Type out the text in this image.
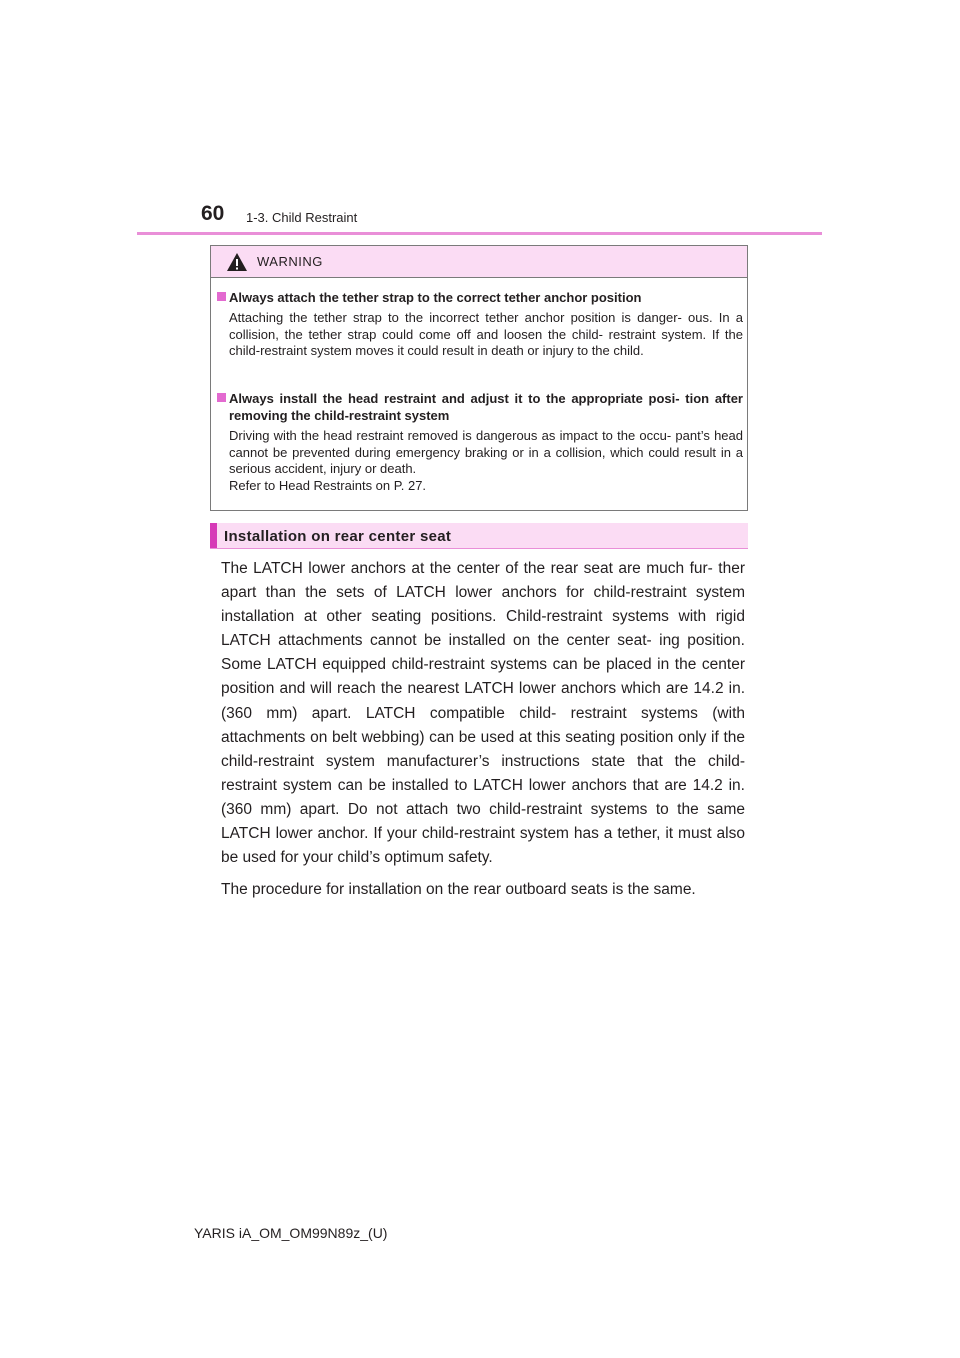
60 1-3. Child Restraint
WARNING
Always attach the tether strap to the correct tether anchor position

Attaching the tether strap to the incorrect tether anchor position is danger- ous. In a collision, the tether strap could come off and loosen the child- restraint system. If the child-restraint system moves it could result in death or injury to the child.

Always install the head restraint and adjust it to the appropriate posi- tion after removing the child-restraint system

Driving with the head restraint removed is dangerous as impact to the occu- pant’s head cannot be prevented during emergency braking or in a collision, which could result in a serious accident, injury or death.

Refer to Head Restraints on P. 27.

Installation on rear center seat

The LATCH lower anchors at the center of the rear seat are much fur- ther apart than the sets of LATCH lower anchors for child-restraint system installation at other seating positions. Child-restraint systems with rigid LATCH attachments cannot be installed on the center seat- ing position. Some LATCH equipped child-restraint systems can be placed in the center position and will reach the nearest LATCH lower anchors which are 14.2 in. (360 mm) apart. LATCH compatible child- restraint systems (with attachments on belt webbing) can be used at this seating position only if the child-restraint system manufacturer’s instructions state that the child-restraint system can be installed to LATCH lower anchors that are 14.2 in. (360 mm) apart. Do not attach two child-restraint systems to the same LATCH lower anchor. If your child-restraint system has a tether, it must also be used for your child’s optimum safety.

The procedure for installation on the rear outboard seats is the same.

YARIS iA_OM_OM99N89z_(U)
